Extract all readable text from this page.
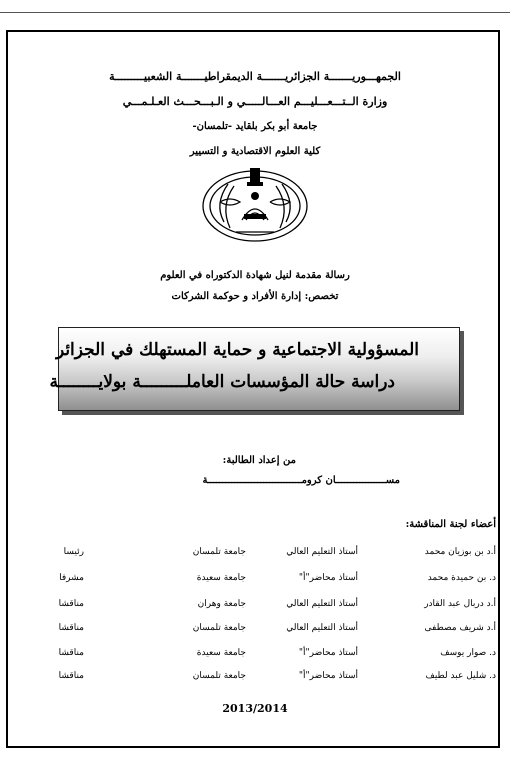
الجمهـــوريـــــــة الجزائريـــــــة الديمقراطيـــــــة الشعبيـــــــــة
وزارة الــتـــعـــليـــم العـــالـــــي و الـبـــحـــث العـلـمـــي
جامعة أبو بكر بلقايد -تلمسان-
كلية العلوم الاقتصادية و التسيير
رسالة مقدمة لنيل شهادة الدكتوراه في العلوم
تخصص: إدارة الأفراد و حوكمة الشركات
المسؤولية الاجتماعية و حماية المستهلك في الجزائر
دراسة حالة المؤسسات العاملـــــــــة بولايــــــــة
من إعداد الطالبة:
مســـــــــــــــــان كرومــــــــــــــــــــــــــــــــة
أعضاء لجنة المناقشة:
أ.د بن بوزيان محمد
أستاذ التعليم العالي
جامعة تلمسان
رئيسا
د. بن حميدة محمد
أستاذ محاضر"أ"
جامعة سعيدة
مشرفا
أ.د دربال عبد القادر
أستاذ التعليم العالي
جامعة وهران
مناقشا
أ.د شريف مصطفى
أستاذ التعليم العالي
جامعة تلمسان
مناقشا
د. صوار يوسف
أستاذ محاضر"أ"
جامعة سعيدة
مناقشا
د. شليل عبد لطيف
أستاذ محاضر"أ"
جامعة تلمسان
مناقشا
2013/2014
